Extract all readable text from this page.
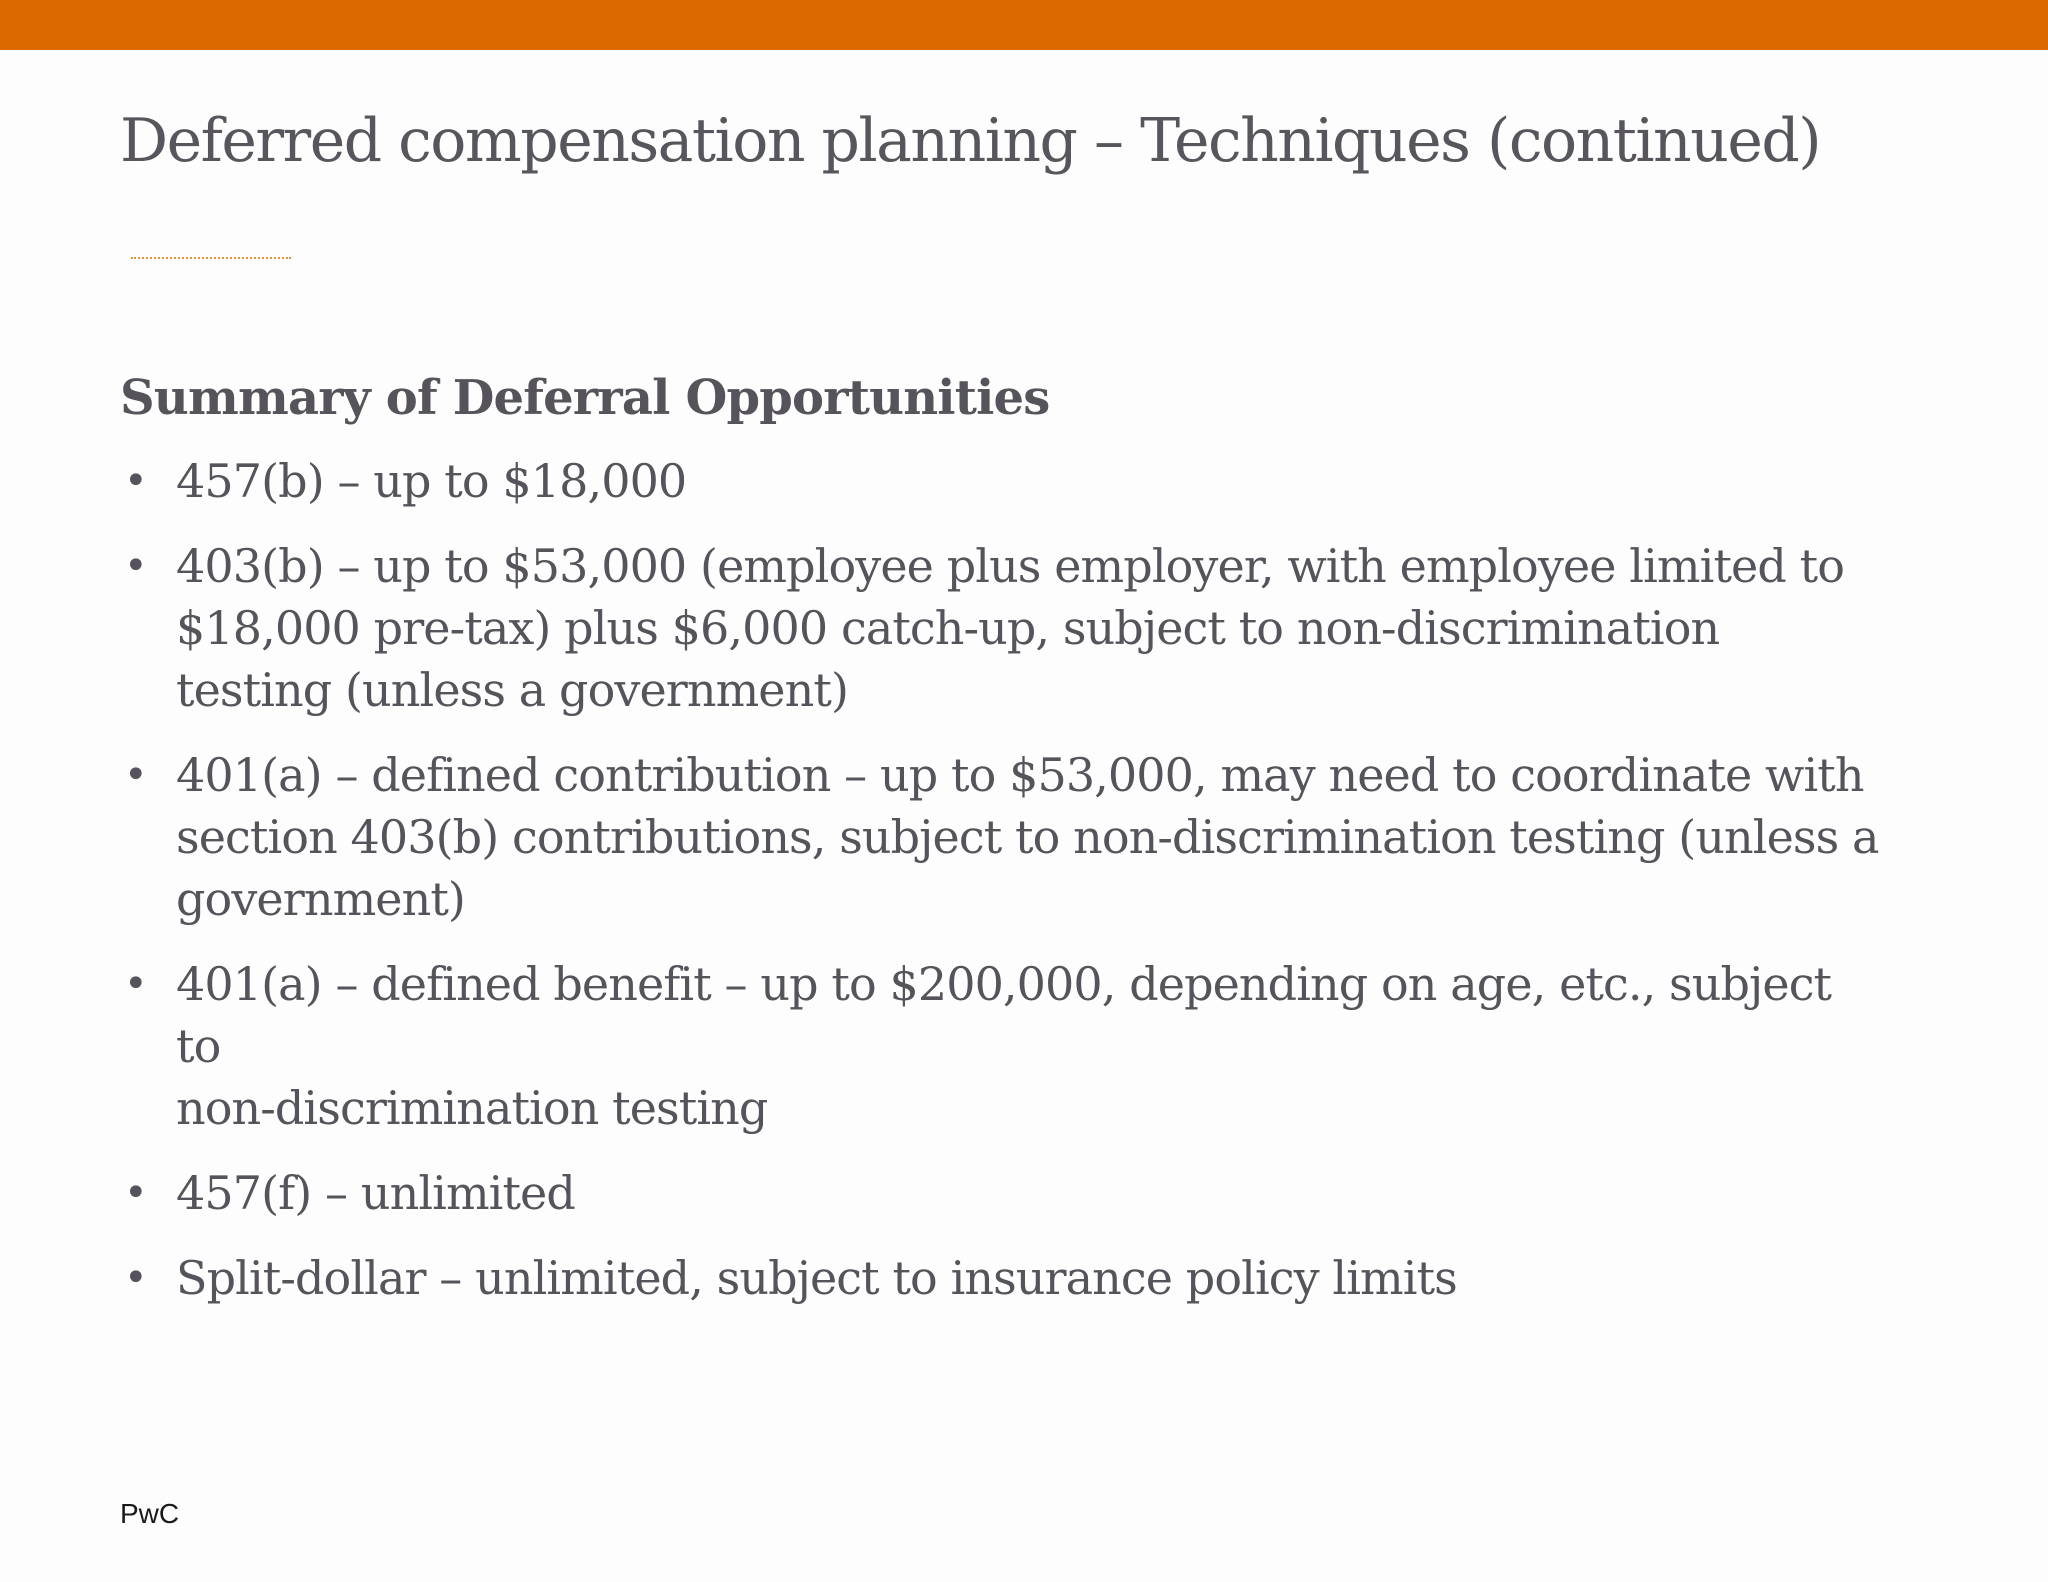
Deferred compensation planning – Techniques (continued)
Summary of Deferral Opportunities
• 457(b) – up to $18,000
• 403(b) – up to $53,000 (employee plus employer, with employee limited to
$18,000 pre-tax) plus $6,000 catch-up, subject to non-discrimination
testing (unless a government)
• 401(a) – defined contribution – up to $53,000, may need to coordinate with
section 403(b) contributions, subject to non-discrimination testing (unless a
government)
• 401(a) – defined benefit – up to $200,000, depending on age, etc., subject
to
non-discrimination testing
• 457(f) – unlimited
• Split-dollar – unlimited, subject to insurance policy limits
PwC
